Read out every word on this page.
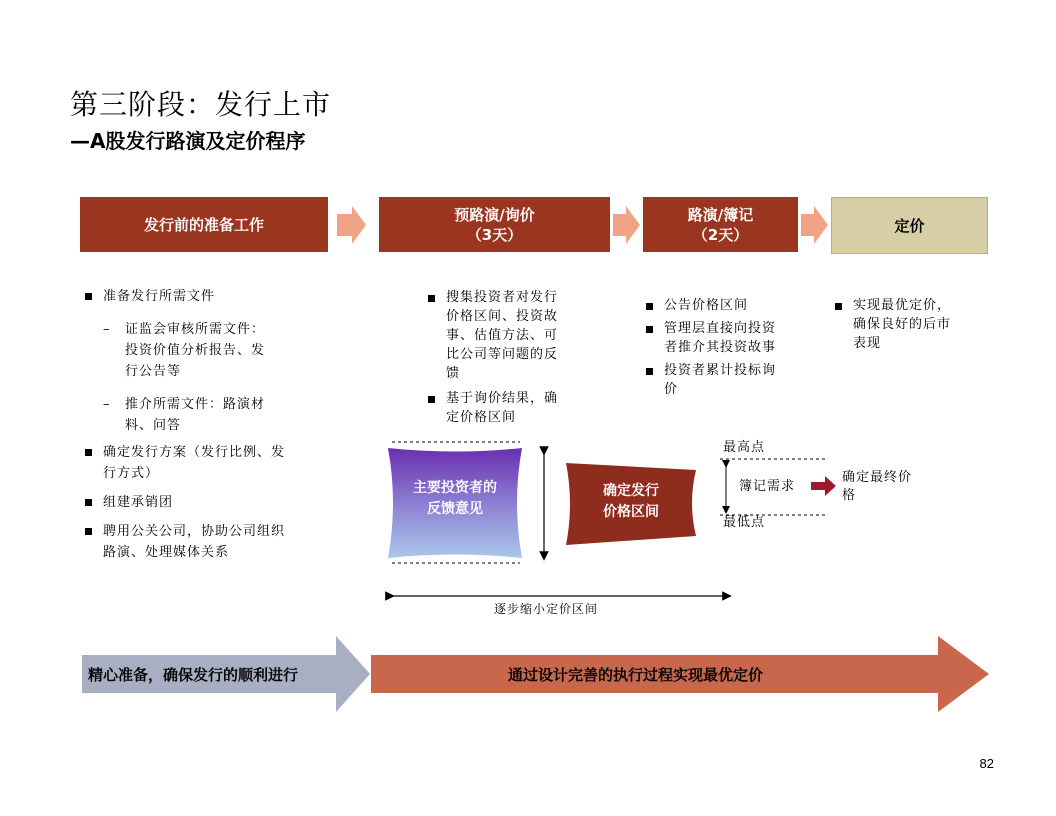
第三阶段：发行上市
—A股发行路演及定价程序
发行前的准备工作
预路演/询价
（3天）
路演/簿记
（2天）	定价
准备发行所需文件
– 证监会审核所需文件：
投资价值分析报告、发
行公告等
– 推介所需文件：路演材
料、问答
确定发行方案（发行比例、发
行方式）
组建承销团
聘用公关公司，协助公司组织
路演、处理媒体关系
搜集投资者对发行
价格区间、投资故
事、估值方法、可
比公司等问题的反
馈
基于询价结果，确
定价格区间
公告价格区间
管理层直接向投资
者推介其投资故事
投资者累计投标询
价
实现最优定价，
确保良好的后市
表现
主要投资者的
反馈意见
确定发行
价格区间
最高点
最低点
簿记需求
确定最终价
格
逐步缩小定价区间
精心准备，确保发行的顺利进行	通过设计完善的执行过程实现最优定价
82
